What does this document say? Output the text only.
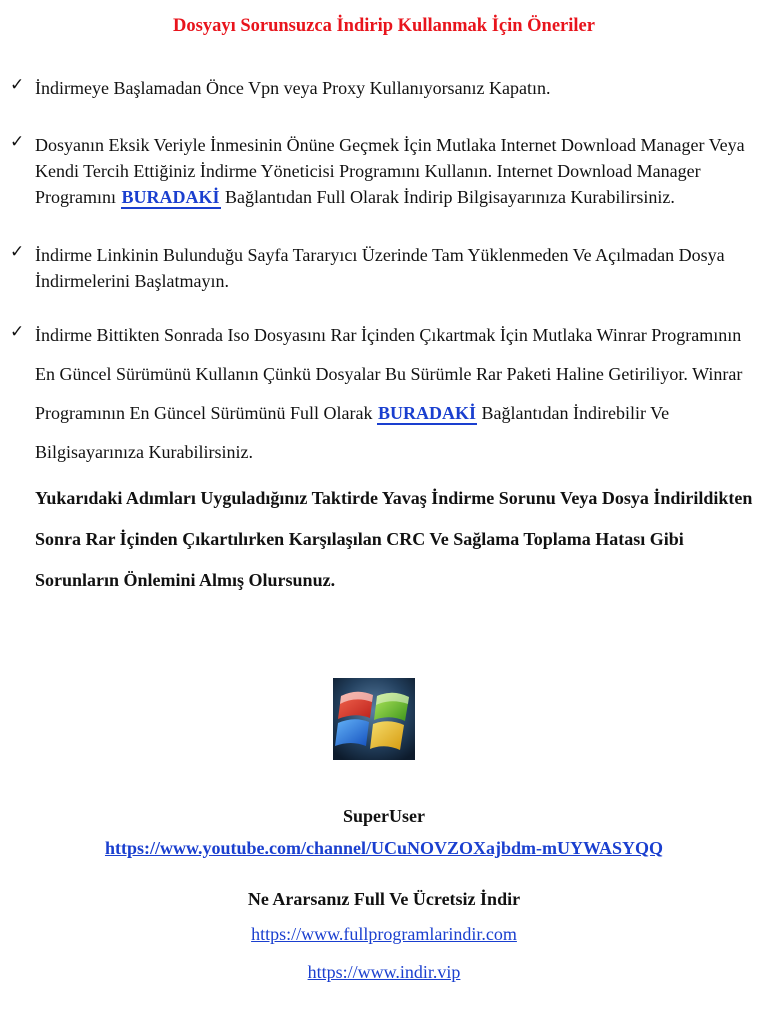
Dosyayı Sorunsuzca İndirip Kullanmak İçin Öneriler
✓ İndirmeye Başlamadan Önce Vpn veya Proxy Kullanıyorsanız Kapatın.
✓ Dosyanın Eksik Veriyle İnmesinin Önüne Geçmek İçin Mutlaka Internet Download Manager Veya Kendi Tercih Ettiğiniz İndirme Yöneticisi Programını Kullanın. Internet Download Manager Programını BURADAKİ Bağlantıdan Full Olarak İndirip Bilgisayarınıza Kurabilirsiniz.
✓ İndirme Linkinin Bulunduğu Sayfa Tararyıcı Üzerinde Tam Yüklenmeden Ve Açılmadan Dosya İndirmelerini Başlatmayın.
✓ İndirme Bittikten Sonrada Iso Dosyasını Rar İçinden Çıkartmak İçin Mutlaka Winrar Programının En Güncel Sürümünü Kullanın Çünkü Dosyalar Bu Sürümle Rar Paketi Haline Getiriliyor. Winrar Programının En Güncel Sürümünü Full Olarak BURADAKİ Bağlantıdan İndirebilir Ve Bilgisayarınıza Kurabilirsiniz.
Yukarıdaki Adımları Uyguladığınız Taktirde Yavaş İndirme Sorunu Veya Dosya İndirildikten Sonra Rar İçinden Çıkartılırken Karşılaşılan CRC Ve Sağlama Toplama Hatası Gibi Sorunların Önlemini Almış Olursunuz.
SuperUser
https://www.youtube.com/channel/UCuNOVZOXajbdm-mUYWASYQQ
Ne Ararsanız Full Ve Ücretsiz İndir
https://www.fullprogramlarindir.com
https://www.indir.vip
